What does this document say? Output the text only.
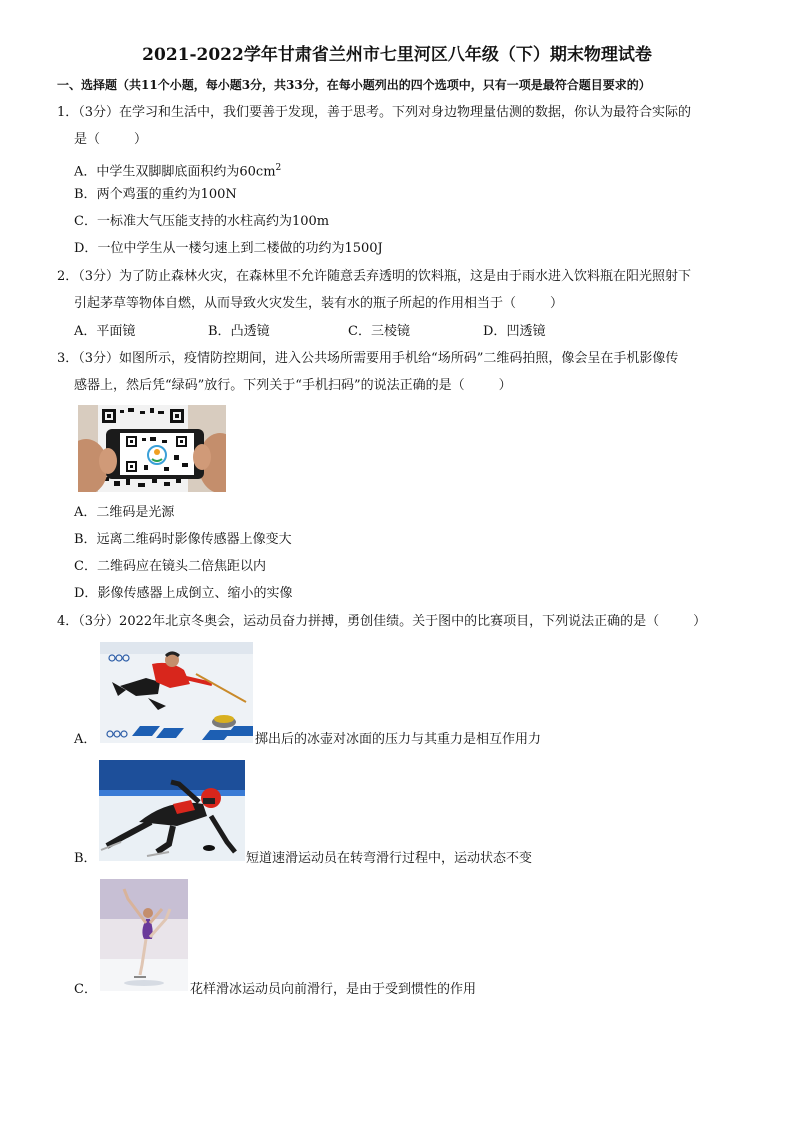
2021-2022学年甘肃省兰州市七里河区八年级（下）期末物理试卷
一、选择题（共11个小题，每小题3分，共33分，在每小题列出的四个选项中，只有一项是最符合题目要求的）
1．（3分）在学习和生活中，我们要善于发现，善于思考。下列对身边物理量估测的数据，你认为最符合实际的
是（	）
A．中学生双脚脚底面积约为$60cm^2$
B．两个鸡蛋的重约为100N
C．一标准大气压能支持的水柱高约为100m
D．一位中学生从一楼匀速上到二楼做的功约为1500J
2．（3分）为了防止森林火灾，在森林里不允许随意丢弃透明的饮料瓶，这是由于雨水进入饮料瓶在阳光照射下
引起茅草等物体自燃，从而导致火灾发生，装有水的瓶子所起的作用相当于（	）
A．平面镜	B．凸透镜	C．三棱镜	D．凹透镜
3．（3分）如图所示，疫情防控期间，进入公共场所需要用手机给“场所码”二维码拍照，像会呈在手机影像传
感器上，然后凭“绿码”放行。下列关于“手机扫码”的说法正确的是（	）
A．二维码是光源
B．远离二维码时影像传感器上像变大
C．二维码应在镜头二倍焦距以内
D．影像传感器上成倒立、缩小的实像
4．（3分）2022年北京冬奥会，运动员奋力拼搏，勇创佳绩。关于图中的比赛项目，下列说法正确的是（	）
A．	掷出后的冰壶对冰面的压力与其重力是相互作用力
B．	短道速滑运动员在转弯滑行过程中，运动状态不变
C．	花样滑冰运动员向前滑行，是由于受到惯性的作用
